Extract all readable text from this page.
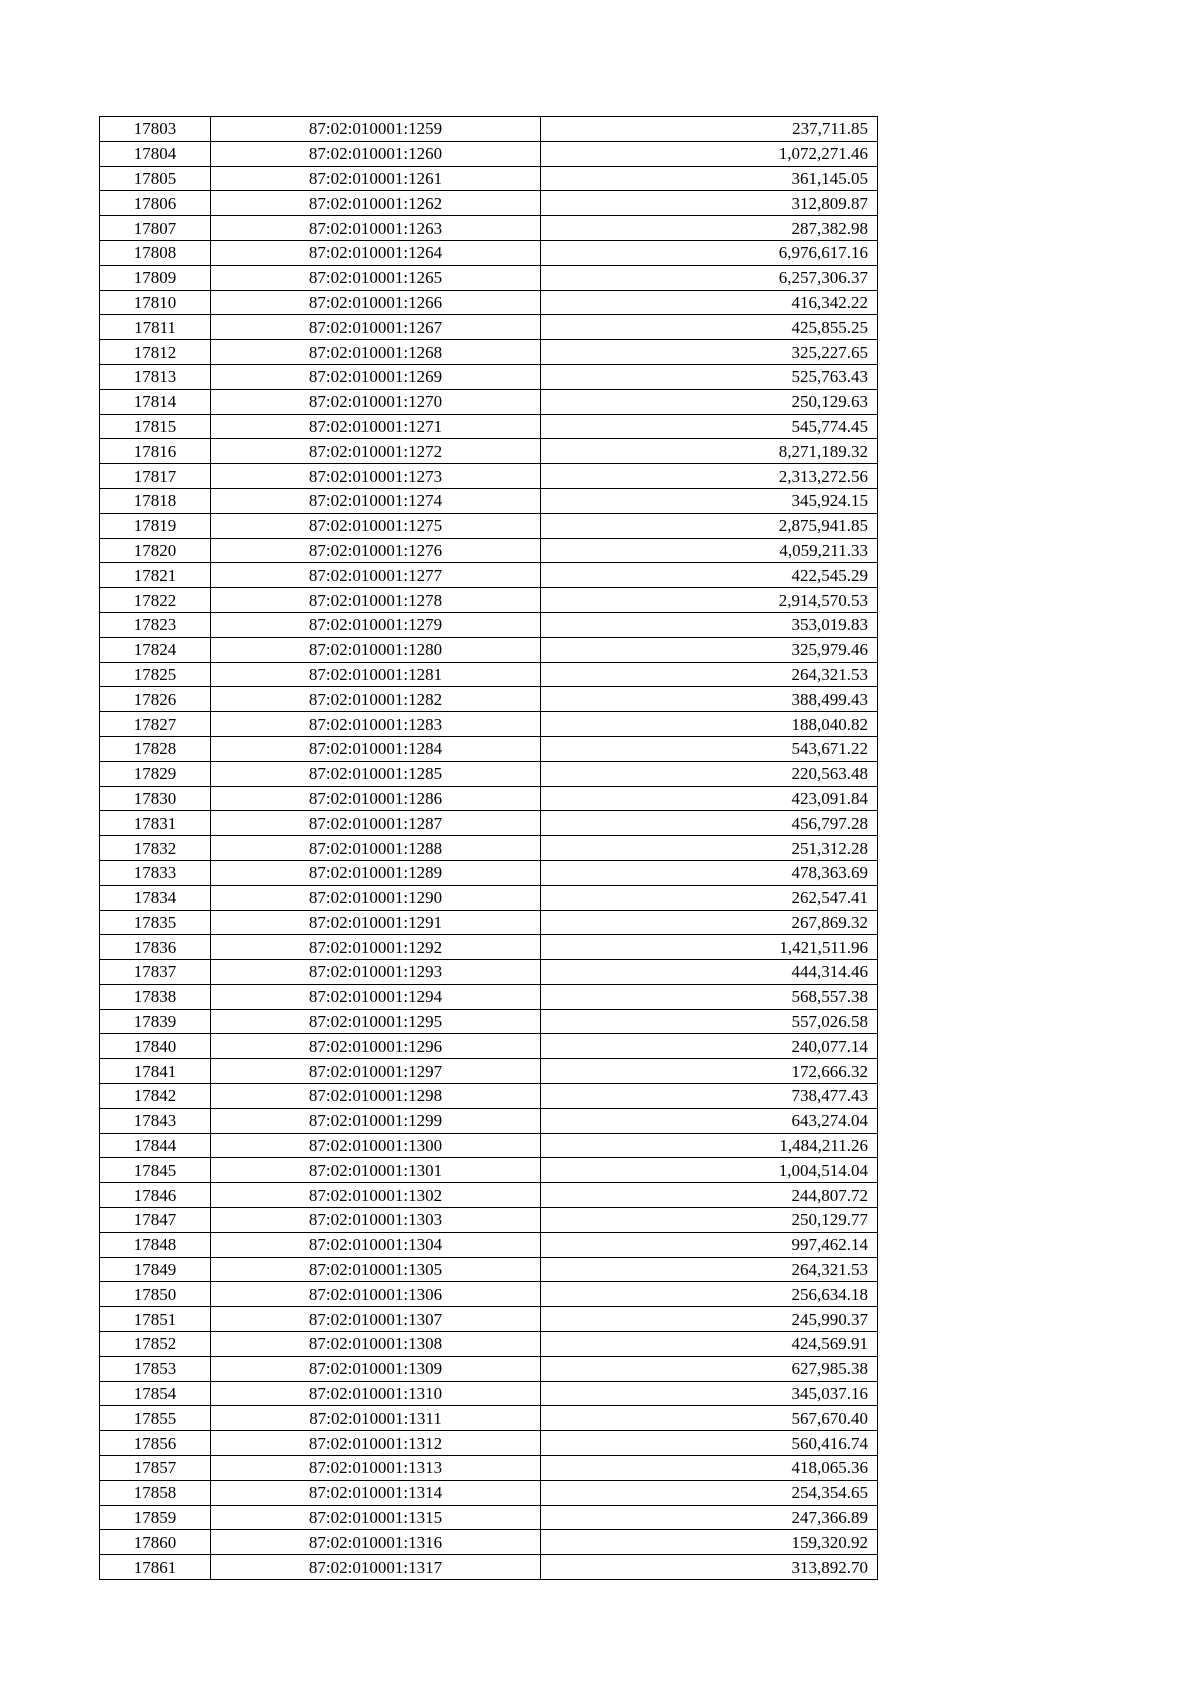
17803	87:02:010001:1259	237,711.85
17804	87:02:010001:1260	1,072,271.46
17805	87:02:010001:1261	361,145.05
17806	87:02:010001:1262	312,809.87
17807	87:02:010001:1263	287,382.98
17808	87:02:010001:1264	6,976,617.16
17809	87:02:010001:1265	6,257,306.37
17810	87:02:010001:1266	416,342.22
17811	87:02:010001:1267	425,855.25
17812	87:02:010001:1268	325,227.65
17813	87:02:010001:1269	525,763.43
17814	87:02:010001:1270	250,129.63
17815	87:02:010001:1271	545,774.45
17816	87:02:010001:1272	8,271,189.32
17817	87:02:010001:1273	2,313,272.56
17818	87:02:010001:1274	345,924.15
17819	87:02:010001:1275	2,875,941.85
17820	87:02:010001:1276	4,059,211.33
17821	87:02:010001:1277	422,545.29
17822	87:02:010001:1278	2,914,570.53
17823	87:02:010001:1279	353,019.83
17824	87:02:010001:1280	325,979.46
17825	87:02:010001:1281	264,321.53
17826	87:02:010001:1282	388,499.43
17827	87:02:010001:1283	188,040.82
17828	87:02:010001:1284	543,671.22
17829	87:02:010001:1285	220,563.48
17830	87:02:010001:1286	423,091.84
17831	87:02:010001:1287	456,797.28
17832	87:02:010001:1288	251,312.28
17833	87:02:010001:1289	478,363.69
17834	87:02:010001:1290	262,547.41
17835	87:02:010001:1291	267,869.32
17836	87:02:010001:1292	1,421,511.96
17837	87:02:010001:1293	444,314.46
17838	87:02:010001:1294	568,557.38
17839	87:02:010001:1295	557,026.58
17840	87:02:010001:1296	240,077.14
17841	87:02:010001:1297	172,666.32
17842	87:02:010001:1298	738,477.43
17843	87:02:010001:1299	643,274.04
17844	87:02:010001:1300	1,484,211.26
17845	87:02:010001:1301	1,004,514.04
17846	87:02:010001:1302	244,807.72
17847	87:02:010001:1303	250,129.77
17848	87:02:010001:1304	997,462.14
17849	87:02:010001:1305	264,321.53
17850	87:02:010001:1306	256,634.18
17851	87:02:010001:1307	245,990.37
17852	87:02:010001:1308	424,569.91
17853	87:02:010001:1309	627,985.38
17854	87:02:010001:1310	345,037.16
17855	87:02:010001:1311	567,670.40
17856	87:02:010001:1312	560,416.74
17857	87:02:010001:1313	418,065.36
17858	87:02:010001:1314	254,354.65
17859	87:02:010001:1315	247,366.89
17860	87:02:010001:1316	159,320.92
17861	87:02:010001:1317	313,892.70
